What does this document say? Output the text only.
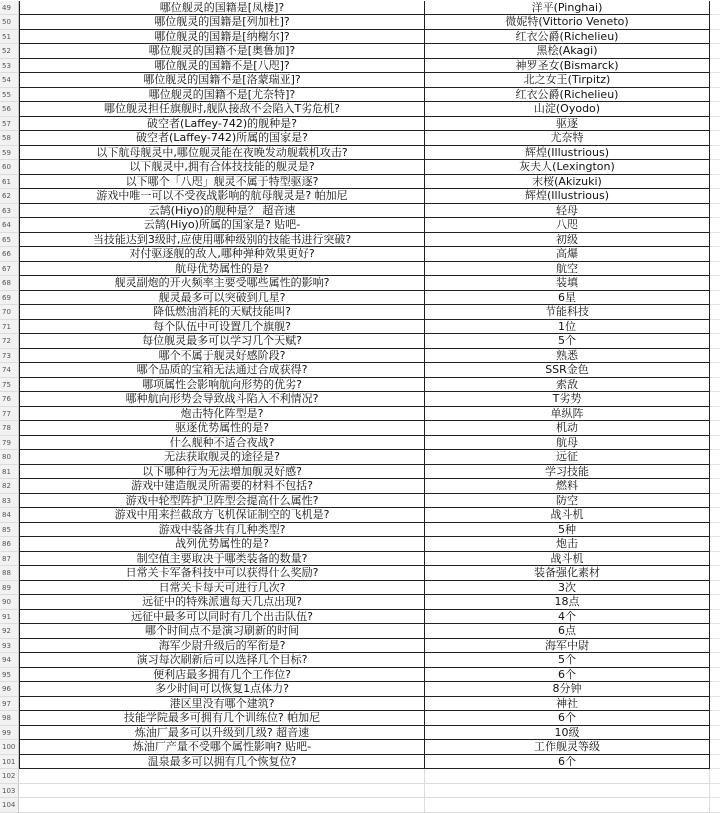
49	哪位舰灵的国籍是[凤棲]?	洋平(Pinghai)
50	哪位舰灵的国籍是[列加杜]?	微妮特(Vittorio Veneto)
51	哪位舰灵的国籍是[纳榭尔]?	红衣公爵(Richelieu)
52	哪位舰灵的国籍不是[奥鲁加]?	黑桧(Akagi)
53	哪位舰灵的国籍不是[八咫]?	神罗圣女(Bismarck)
54	哪位舰灵的国籍不是[洛蒙瑞亚]?	北之女王(Tirpitz)
55	哪位舰灵的国籍不是[尤奈特]?	红衣公爵(Richelieu)
56	哪位舰灵担任旗舰时,舰队接敌不会陷入T劣危机?	山淀(Oyodo)
57	破空者(Laffey-742)的舰种是?	驱逐
58	破空者(Laffey-742)所属的国家是?	尤奈特
59	以下航母舰灵中,哪位舰灵能在夜晚发动舰载机攻击?	辉煌(Illustrious)
60	以下舰灵中,拥有合体技技能的舰灵是?	灰夫人(Lexington)
61	以下哪个「八咫」舰灵不属于特型驱逐?	末桜(Akizuki)
62	游戏中唯一可以不受夜战影响的航母舰灵是? 帕加尼	辉煌(Illustrious)
63	云鹄(Hiyo)的舰种是？ 超音速	轻母
64	云鹄(Hiyo)所属的国家是? 贴吧-	八咫
65	当技能达到3级时,应使用哪种级别的技能书进行突破?	初级
66	对付驱逐舰的敌人,哪种弹种效果更好?	高爆
67	航母优势属性的是?	航空
68	舰灵副炮的开火频率主要受哪些属性的影响?	装填
69	舰灵最多可以突破到几星?	6星
70	降低燃油消耗的天赋技能叫?	节能科技
71	每个队伍中可设置几个旗舰?	1位
72	每位舰灵最多可以学习几个天赋?	5个
73	哪个不属于舰灵好感阶段?	熟悉
74	哪个品质的宝箱无法通过合成获得?	SSR金色
75	哪项属性会影响航向形势的优劣?	索敌
76	哪种航向形势会导致战斗陷入不利情况?	T劣势
77	炮击特化阵型是?	单纵阵
78	驱逐优势属性的是?	机动
79	什么舰种不适合夜战?	航母
80	无法获取舰灵的途径是?	远征
81	以下哪种行为无法增加舰灵好感?	学习技能
82	游戏中建造舰灵所需要的材料不包括?	燃料
83	游戏中轮型阵护卫阵型会提高什么属性?	防空
84	游戏中用来拦截敌方飞机保证制空的飞机是?	战斗机
85	游戏中装备共有几种类型?	5种
86	战列优势属性的是?	炮击
87	制空值主要取决于哪类装备的数量?	战斗机
88	日常关卡军备科技中可以获得什么奖励?	装备强化素材
89	日常关卡每天可进行几次?	3次
90	远征中的特殊派遣每天几点出现?	18点
91	远征中最多可以同时有几个出击队伍?	4个
92	哪个时间点不是演习刷新的时间	6点
93	海军少尉升级后的军衔是?	海军中尉
94	演习每次刷新后可以选择几个目标?	5个
95	便利店最多拥有几个工作位?	6个
96	多少时间可以恢复1点体力?	8分钟
97	港区里没有哪个建筑?	神社
98	技能学院最多可拥有几个训练位? 帕加尼	6个
99	炼油厂最多可以升级到几级? 超音速	10级
100	炼油厂产量不受哪个属性影响? 贴吧-	工作舰灵等级
101	温泉最多可以拥有几个恢复位?	6个
102
103
104
